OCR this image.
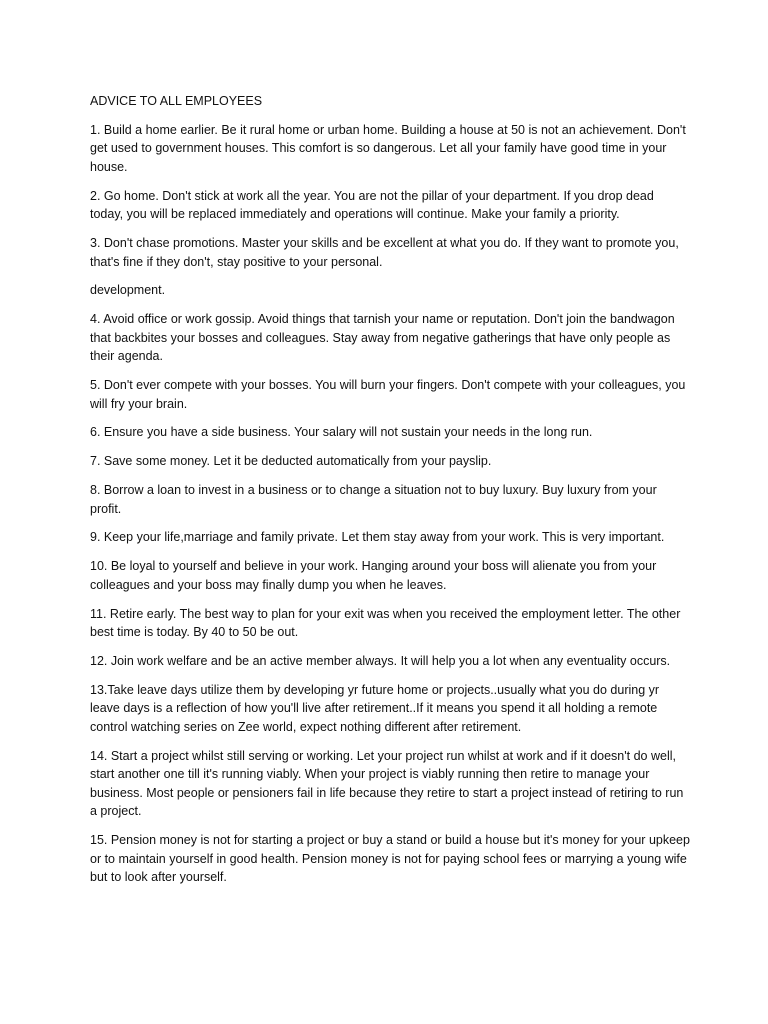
ADVICE TO ALL EMPLOYEES

1. Build a home earlier. Be it rural home or urban home. Building a house at 50 is not an achievement. Don't get used to government houses. This comfort is so dangerous. Let all your family have good time in your house.

2. Go home. Don't stick at work all the year. You are not the pillar of your department. If you drop dead today, you will be replaced immediately and operations will continue. Make your family a priority.

3. Don't chase promotions. Master your skills and be excellent at what you do. If they want to promote you, that's fine if they don't, stay positive to your personal.

development.

4. Avoid office or work gossip. Avoid things that tarnish your name or reputation. Don't join the bandwagon that backbites your bosses and colleagues. Stay away from negative gatherings that have only people as their agenda.

5. Don't ever compete with your bosses. You will burn your fingers. Don't compete with your colleagues, you will fry your brain.

6. Ensure you have a side business. Your salary will not sustain your needs in the long run.

7. Save some money. Let it be deducted automatically from your payslip.

8. Borrow a loan to invest in a business or to change a situation not to buy luxury. Buy luxury from your profit.

9. Keep your life,marriage and family private. Let them stay away from your work. This is very important.

10. Be loyal to yourself and believe in your work. Hanging around your boss will alienate you from your colleagues and your boss may finally dump you when he leaves.

11. Retire early. The best way to plan for your exit was when you received the employment letter. The other best time is today. By 40 to 50 be out.

12. Join work welfare and be an active member always. It will help you a lot when any eventuality occurs.

13.Take leave days utilize them by developing yr future home or projects..usually what you do during yr leave days is a reflection of how you'll live after retirement..If it means you spend it all holding a remote control watching series on Zee world, expect nothing different after retirement.

14. Start a project whilst still serving or working. Let your project run whilst at work and if it doesn't do well, start another one till it's running viably. When your project is viably running then retire to manage your business. Most people or pensioners fail in life because they retire to start a project instead of retiring to run a project.

15. Pension money is not for starting a project or buy a stand or build a house but it's money for your upkeep or to maintain yourself in good health. Pension money is not for paying school fees or marrying a young wife but to look after yourself.
